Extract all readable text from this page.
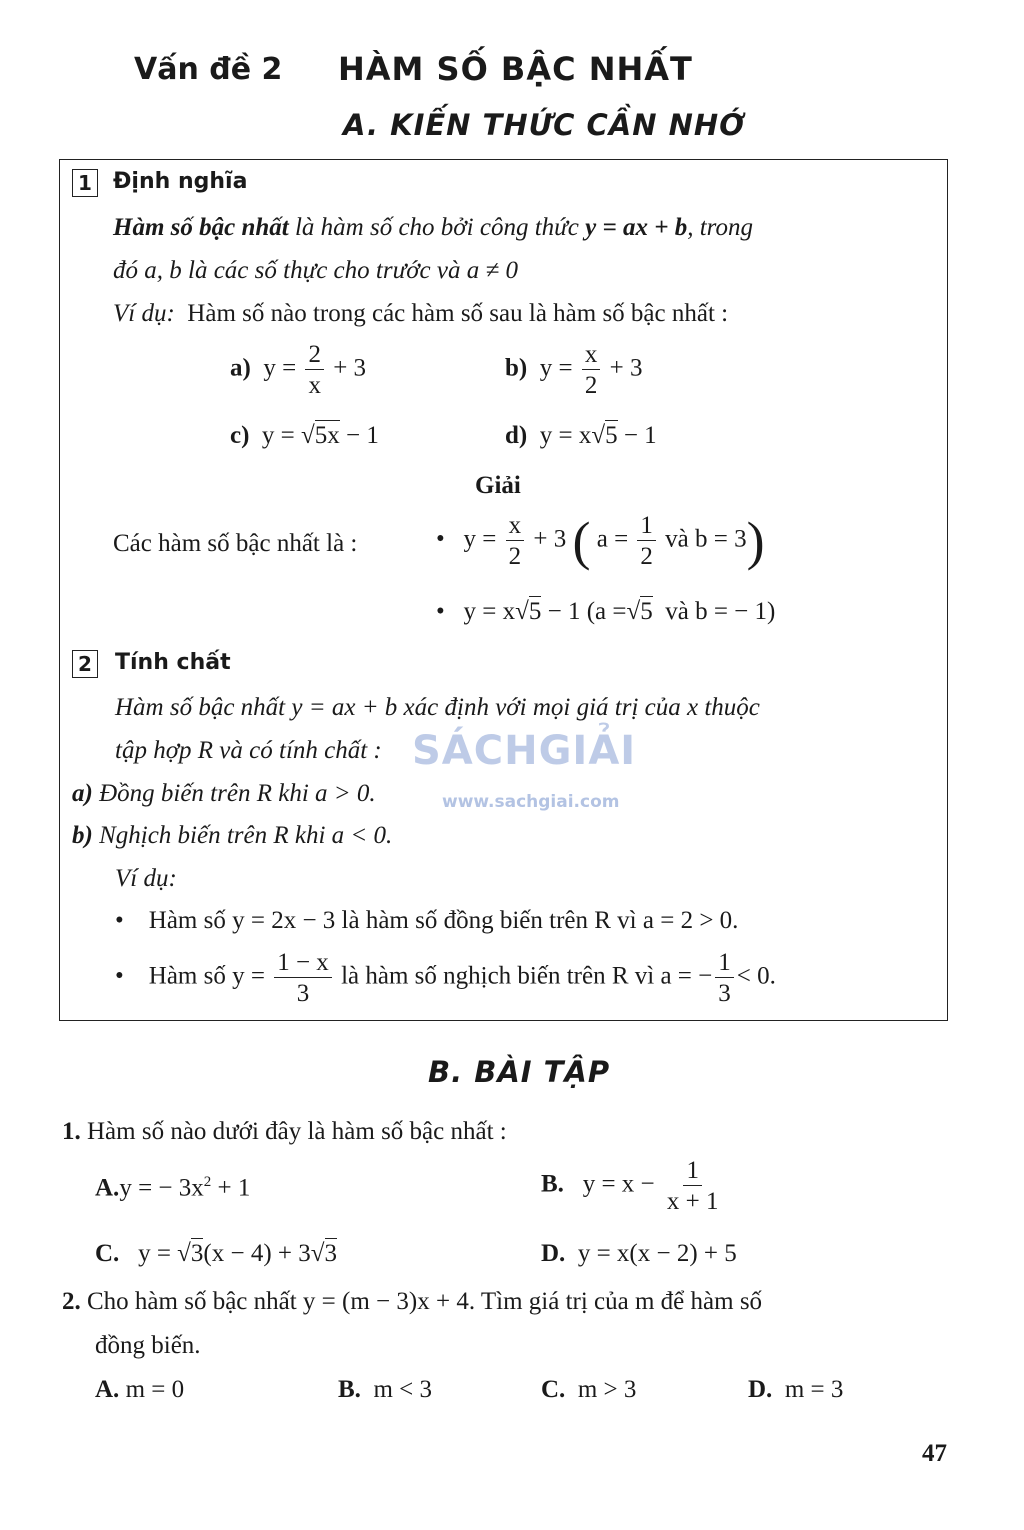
Vấn đề 2 HÀM SỐ BẬC NHẤT
A. KIẾN THỨC CẦN NHỚ
1 Định nghĩa
Hàm số bậc nhất là hàm số cho bởi công thức y = ax + b, trong
đó a, b là các số thực cho trước và a ≠ 0
Ví dụ: Hàm số nào trong các hàm số sau là hàm số bậc nhất :
a) $y = \frac{2}{x} + 3$	b) $y = \frac{x}{2} + 3$
c) y = √5x − 1	d) y = x√5 − 1
Giải
Các hàm số bậc nhất là :	• $y = \frac{x}{2} + 3$ ( $a = \frac{1}{2}$ và b = 3)
• y = x√5 − 1 (a =√5 và b = − 1)
2 Tính chất
Hàm số bậc nhất y = ax + b xác định với mọi giá trị của x thuộc
tập hợp R và có tính chất :
a) Đồng biến trên R khi a > 0.
b) Nghịch biến trên R khi a < 0.
Ví dụ:
• Hàm số y = 2x − 3 là hàm số đồng biến trên R vì a = 2 > 0.
• Hàm số $y = \frac{1 - x}{3}$ là hàm số nghịch biến trên R vì a = − $\frac{1}{3} < 0$.
SÁCHGIẢI
www.sachgiai.com
B. BÀI TẬP
1. Hàm số nào dưới đây là hàm số bậc nhất :
A.y = − $3x^2 + 1$	B. $y = x - \frac{1}{x + 1}$
C. y = √3(x − 4) + 3√3	D. y = x(x − 2) + 5
2. Cho hàm số bậc nhất y = (m − 3)x + 4. Tìm giá trị của m để hàm số
đồng biến.
A. m = 0	B. m < 3	C. m > 3	D. m = 3
47
